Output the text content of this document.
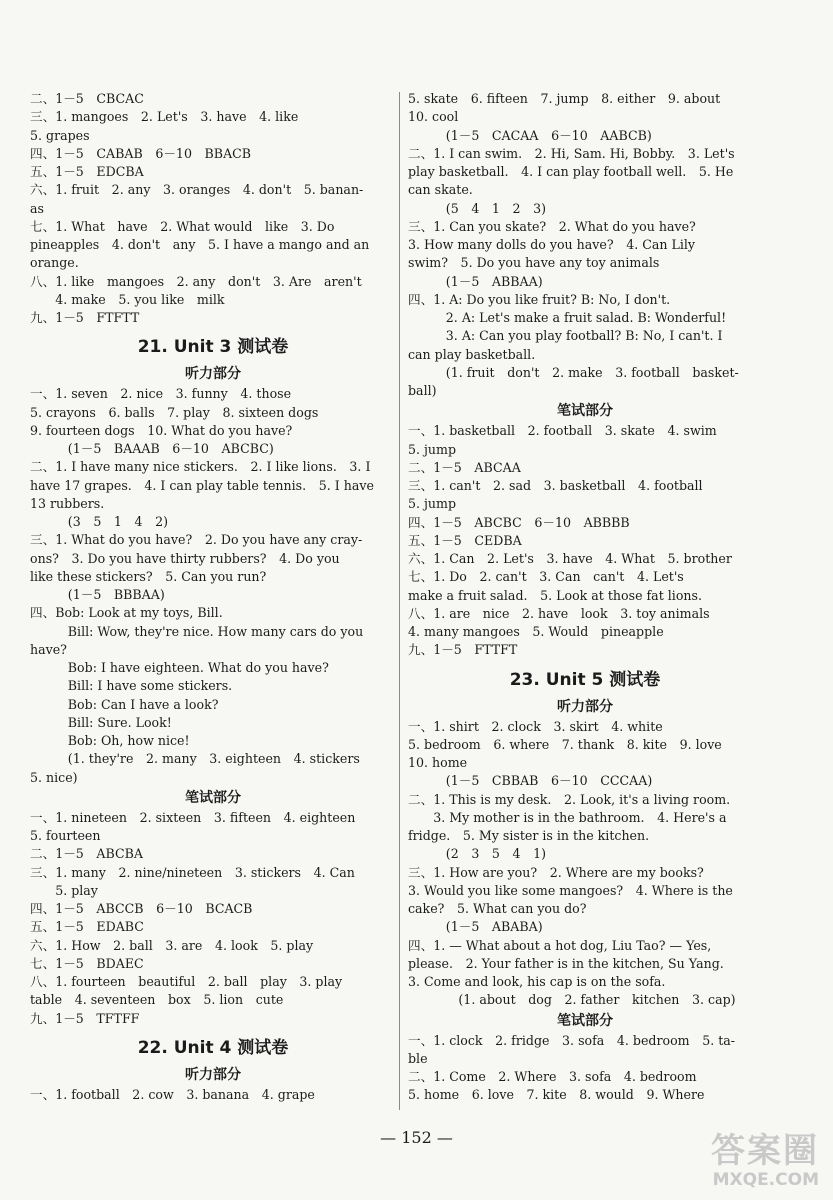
二、1－5　CBCAC
三、1. mangoes　2. Let's　3. have　4. like
5. grapes
四、1－5　CABAB　6－10　BBACB
五、1－5　EDCBA
六、1. fruit　2. any　3. oranges　4. don't　5. banan-
as
七、1. What　have　2. What would　like　3. Do
pineapples　4. don't　any　5. I have a mango and an
orange.
八、1. like　mangoes　2. any　don't　3. Are　aren't
4. make　5. you like　milk
九、1－5　FTFTT
21. Unit 3 测试卷
听力部分
一、1. seven　2. nice　3. funny　4. those
5. crayons　6. balls　7. play　8. sixteen dogs
9. fourteen dogs　10. What do you have?
(1－5　BAAAB　6－10　ABCBC)
二、1. I have many nice stickers.　2. I like lions.　3. I
have 17 grapes.　4. I can play table tennis.　5. I have
13 rubbers.
(3　5　1　4　2)
三、1. What do you have?　2. Do you have any cray-
ons?　3. Do you have thirty rubbers?　4. Do you
like these stickers?　5. Can you run?
(1－5　BBBAA)
四、Bob: Look at my toys, Bill.
Bill: Wow, they're nice. How many cars do you
have?
Bob: I have eighteen. What do you have?
Bill: I have some stickers.
Bob: Can I have a look?
Bill: Sure. Look!
Bob: Oh, how nice!
(1. they're　2. many　3. eighteen　4. stickers
5. nice)
笔试部分
一、1. nineteen　2. sixteen　3. fifteen　4. eighteen
5. fourteen
二、1－5　ABCBA
三、1. many　2. nine/nineteen　3. stickers　4. Can
5. play
四、1－5　ABCCB　6－10　BCACB
五、1－5　EDABC
六、1. How　2. ball　3. are　4. look　5. play
七、1－5　BDAEC
八、1. fourteen　beautiful　2. ball　play　3. play
table　4. seventeen　box　5. lion　cute
九、1－5　TFTFF
22. Unit 4 测试卷
听力部分
一、1. football　2. cow　3. banana　4. grape
5. skate　6. fifteen　7. jump　8. either　9. about
10. cool
(1－5　CACAA　6－10　AABCB)
二、1. I can swim.　2. Hi, Sam. Hi, Bobby.　3. Let's
play basketball.　4. I can play football well.　5. He
can skate.
(5　4　1　2　3)
三、1. Can you skate?　2. What do you have?
3. How many dolls do you have?　4. Can Lily
swim?　5. Do you have any toy animals
(1－5　ABBAA)
四、1. A: Do you like fruit? B: No, I don't.
2. A: Let's make a fruit salad. B: Wonderful!
3. A: Can you play football? B: No, I can't. I
can play basketball.
(1. fruit　don't　2. make　3. football　basket-
ball)
笔试部分
一、1. basketball　2. football　3. skate　4. swim
5. jump
二、1－5　ABCAA
三、1. can't　2. sad　3. basketball　4. football
5. jump
四、1－5　ABCBC　6－10　ABBBB
五、1－5　CEDBA
六、1. Can　2. Let's　3. have　4. What　5. brother
七、1. Do　2. can't　3. Can　can't　4. Let's
make a fruit salad.　5. Look at those fat lions.
八、1. are　nice　2. have　look　3. toy animals
4. many mangoes　5. Would　pineapple
九、1－5　FTTFT
23. Unit 5 测试卷
听力部分
一、1. shirt　2. clock　3. skirt　4. white
5. bedroom　6. where　7. thank　8. kite　9. love
10. home
(1－5　CBBAB　6－10　CCCAA)
二、1. This is my desk.　2. Look, it's a living room.
3. My mother is in the bathroom.　4. Here's a
fridge.　5. My sister is in the kitchen.
(2　3　5　4　1)
三、1. How are you?　2. Where are my books?
3. Would you like some mangoes?　4. Where is the
cake?　5. What can you do?
(1－5　ABABA)
四、1. — What about a hot dog, Liu Tao? — Yes,
please.　2. Your father is in the kitchen, Su Yang.
3. Come and look, his cap is on the sofa.
(1. about　dog　2. father　kitchen　3. cap)
笔试部分
一、1. clock　2. fridge　3. sofa　4. bedroom　5. ta-
ble
二、1. Come　2. Where　3. sofa　4. bedroom
5. home　6. love　7. kite　8. would　9. Where
— 152 —	答案圈
MXQE.COM
